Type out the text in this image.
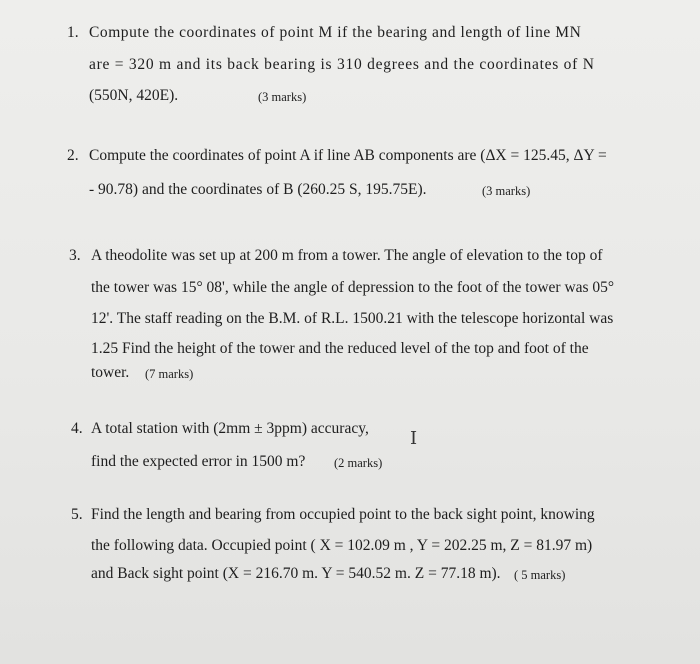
1. Compute the coordinates of point M if the bearing and length of line MN
are = 320 m and its back bearing is 310 degrees and the coordinates of N
(550N, 420E).	(3 marks)
2. Compute the coordinates of point A if line AB components are (ΔX = 125.45, ΔY =
- 90.78) and the coordinates of B (260.25 S, 195.75E).	(3 marks)
3. A theodolite was set up at 200 m from a tower. The angle of elevation to the top of
the tower was 15° 08', while the angle of depression to the foot of the tower was 05°
12'. The staff reading on the B.M. of R.L. 1500.21 with the telescope horizontal was
1.25 Find the height of the tower and the reduced level of the top and foot of the
tower. (7 marks)
4. A total station with (2mm ± 3ppm) accuracy,
find the expected error in 1500 m? (2 marks)
5. Find the length and bearing from occupied point to the back sight point, knowing
the following data. Occupied point ( X = 102.09 m , Y = 202.25 m, Z = 81.97 m)
and Back sight point (X = 216.70 m. Y = 540.52 m. Z = 77.18 m). ( 5 marks)
I
